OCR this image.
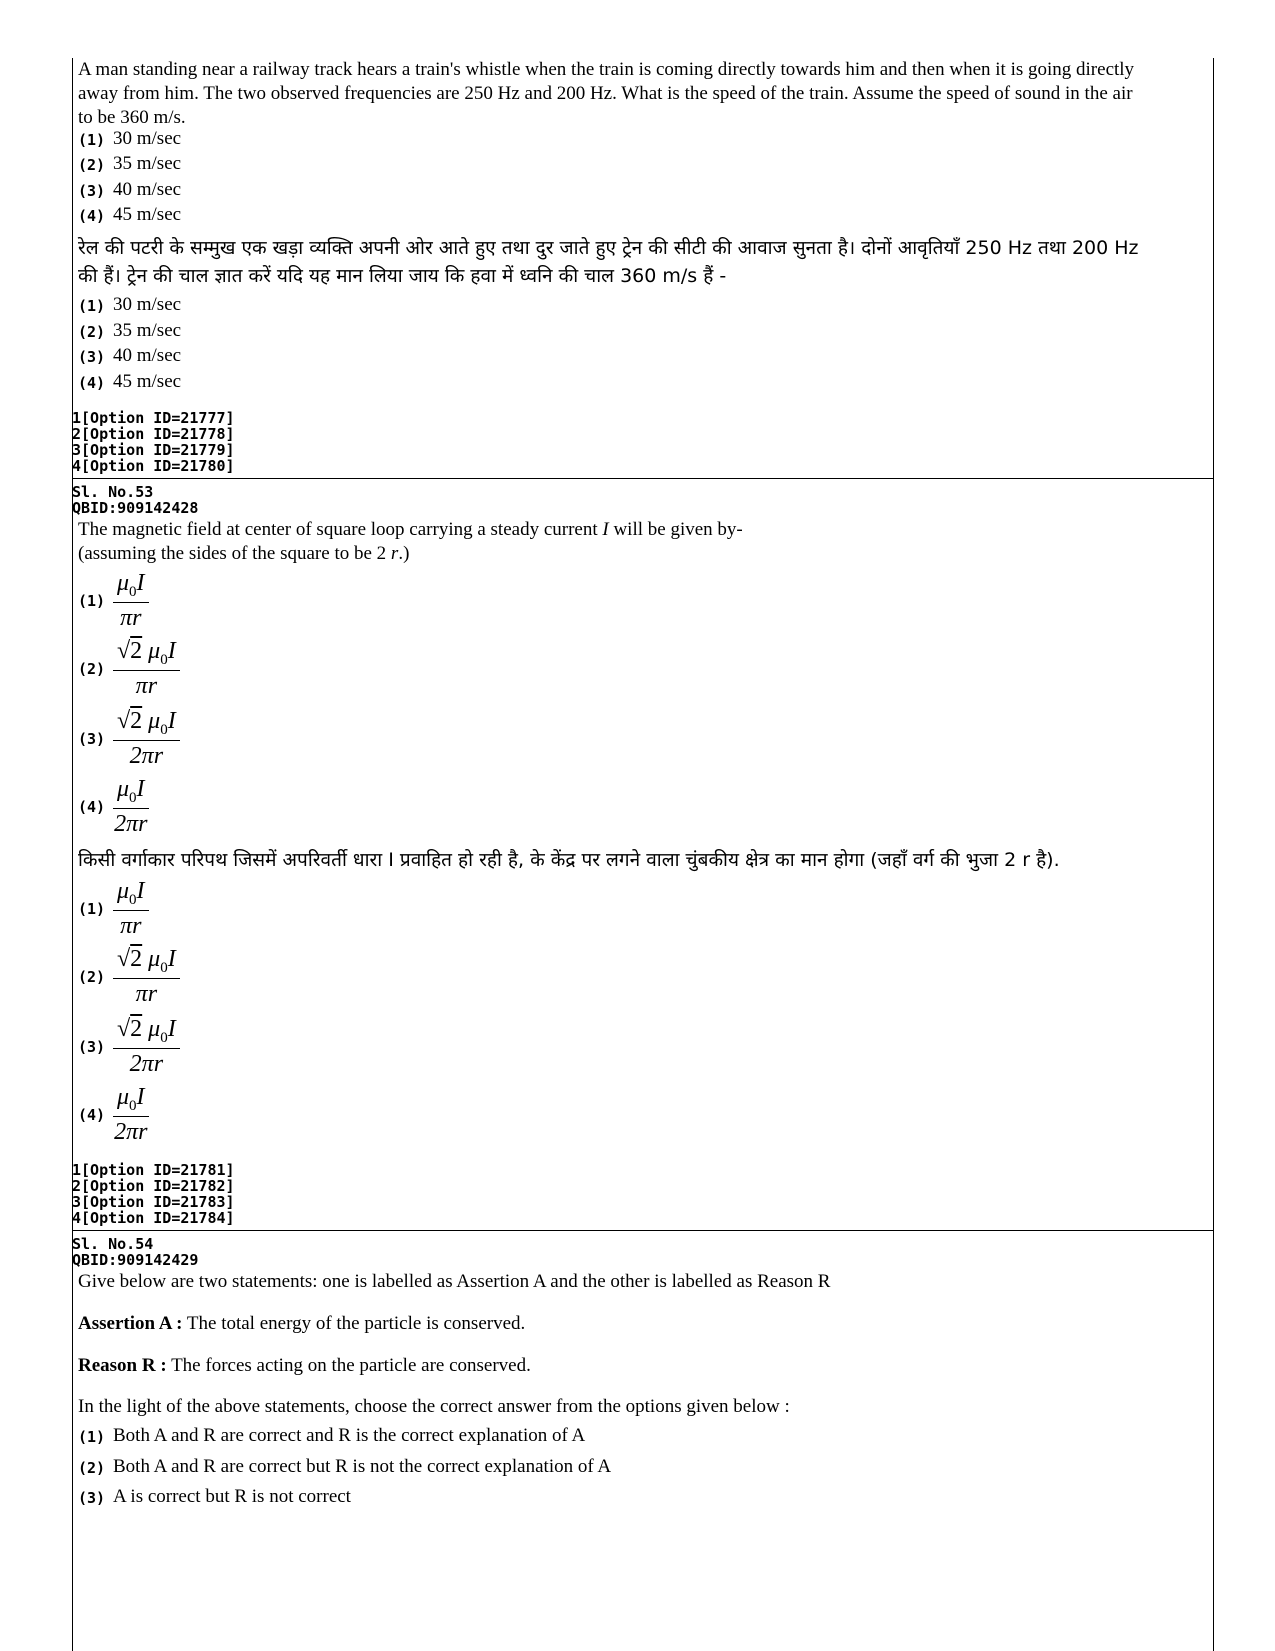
A man standing near a railway track hears a train's whistle when the train is coming directly towards him and then when it is going directly away from him. The two observed frequencies are 250 Hz and 200 Hz. What is the speed of the train. Assume the speed of sound in the air to be 360 m/s.
(1) 30 m/sec
(2) 35 m/sec
(3) 40 m/sec
(4) 45 m/sec
रेल की पटरी के सम्मुख एक खड़ा व्यक्ति अपनी ओर आते हुए तथा दुर जाते हुए ट्रेन की सीटी की आवाज सुनता है। दोनों आवृतियाँ 250 Hz तथा 200 Hz की हैं। ट्रेन की चाल ज्ञात करें यदि यह मान लिया जाय कि हवा में ध्वनि की चाल 360 m/s हैं -
(1) 30 m/sec
(2) 35 m/sec
(3) 40 m/sec
(4) 45 m/sec
1[Option ID=21777]
2[Option ID=21778]
3[Option ID=21779]
4[Option ID=21780]
Sl. No.53
QBID:909142428
The magnetic field at center of square loop carrying a steady current I will be given by-
(assuming the sides of the square to be 2 r.)
$(1) \frac{\mu_0I}{\pi r}$
$(2) \frac{√2 \mu_0I}{\pi r}$
$(3) \frac{√2 \mu_0I}{2\pi r}$
$(4) \frac{\mu_0I}{2\pi r}$
किसी वर्गाकार परिपथ जिसमें अपरिवर्ती धारा I प्रवाहित हो रही है, के केंद्र पर लगने वाला चुंबकीय क्षेत्र का मान होगा (जहाँ वर्ग की भुजा 2 r है).
$(1) \frac{\mu_0I}{\pi r}$
$(2) \frac{√2 \mu_0I}{\pi r}$
$(3) \frac{√2 \mu_0I}{2\pi r}$
$(4) \frac{\mu_0I}{2\pi r}$
1[Option ID=21781]
2[Option ID=21782]
3[Option ID=21783]
4[Option ID=21784]
Sl. No.54
QBID:909142429
Give below are two statements: one is labelled as Assertion A and the other is labelled as Reason R
Assertion A : The total energy of the particle is conserved.
Reason R : The forces acting on the particle are conserved.
In the light of the above statements, choose the correct answer from the options given below :
(1) Both A and R are correct and R is the correct explanation of A
(2) Both A and R are correct but R is not the correct explanation of A
(3) A is correct but R is not correct
